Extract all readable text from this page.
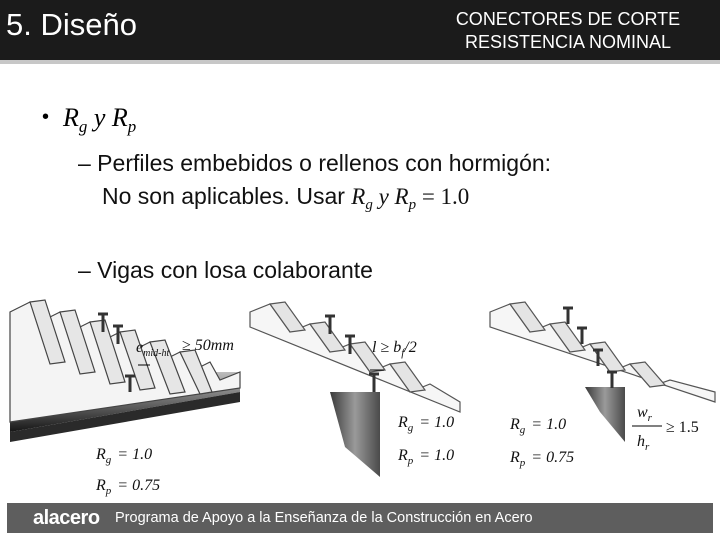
5. Diseño	CONECTORES DE CORTE
RESISTENCIA NOMINAL
• $R_g$ y $R_p$
– Perfiles embebidos o rellenos con hormigón:
No son aplicables. Usar $R_g$ y $R_p = 1.0$
– Vigas con losa colaborante
$e_{mid-ht} \ge 50mm$
$R_g = 1.0$
$R_p = 0.75$
$l \ge b_f/2$
$R_g = 1.0$
$R_p = 1.0$
$R_g = 1.0$
$R_p = 0.75$
$w_r$
$h_r$
≥ 1.5
alacero Programa de Apoyo a la Enseñanza de la Construcción en Acero
